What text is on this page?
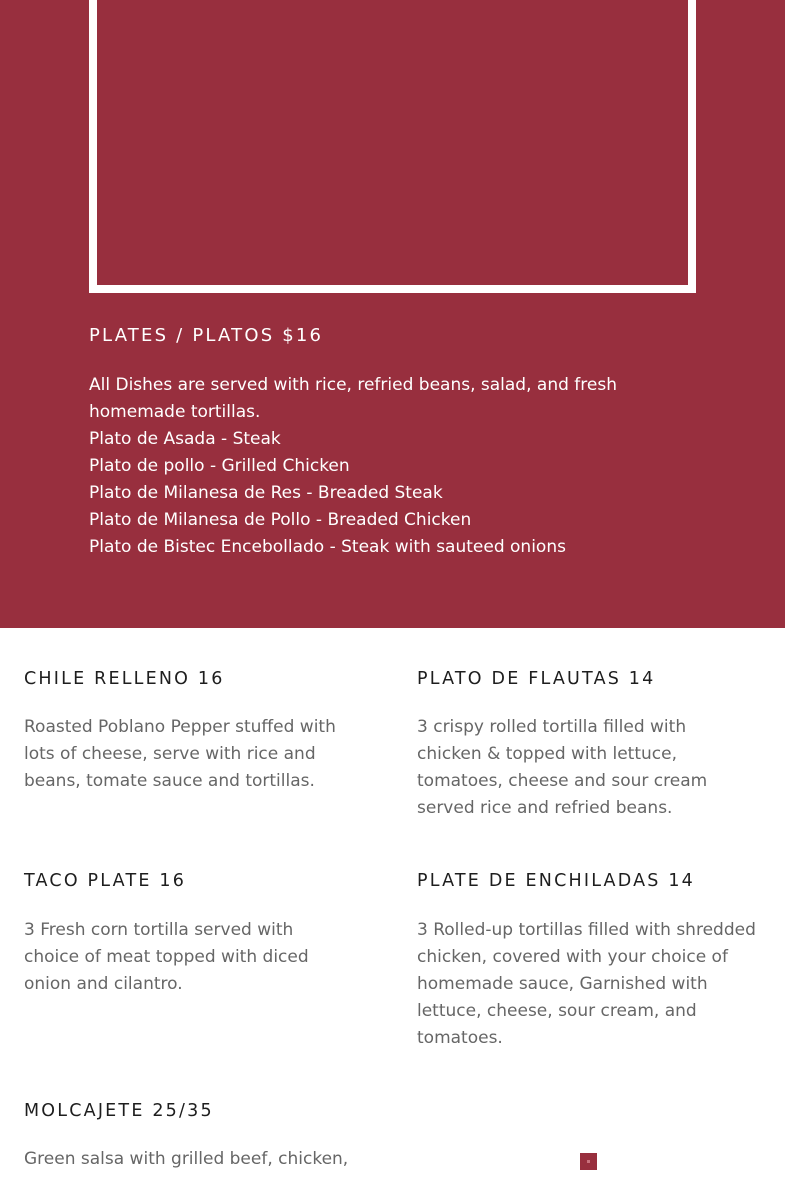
PLATES / PLATOS $16
All Dishes are served with rice, refried beans, salad, and fresh homemade tortillas.
Plato de Asada - Steak
Plato de pollo - Grilled Chicken
Plato de Milanesa de Res - Breaded Steak
Plato de Milanesa de Pollo - Breaded Chicken
Plato de Bistec Encebollado - Steak with sauteed onions
CHILE RELLENO 16

Roasted Poblano Pepper stuffed with lots of cheese, serve with rice and beans, tomate sauce and tortillas.

PLATO DE FLAUTAS 14

3 crispy rolled tortilla filled with chicken & topped with lettuce, tomatoes, cheese and sour cream served rice and refried beans.

TACO PLATE 16

3 Fresh corn tortilla served with choice of meat topped with diced onion and cilantro.

PLATE DE ENCHILADAS 14

3 Rolled-up tortillas filled with shredded chicken, covered with your choice of homemade sauce, Garnished with lettuce, cheese, sour cream, and tomatoes.

MOLCAJETE 25/35

Green salsa with grilled beef, chicken,
